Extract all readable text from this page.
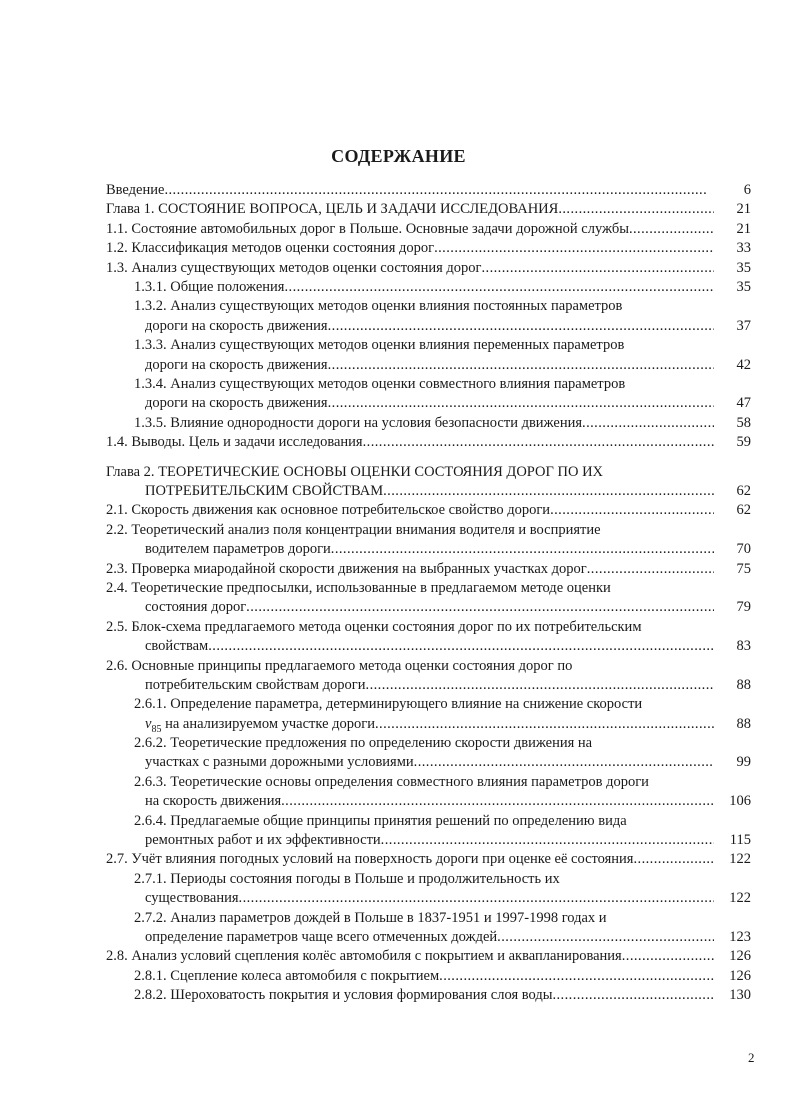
СОДЕРЖАНИЕ
Введение . . .	6
Глава 1. СОСТОЯНИЕ ВОПРОСА, ЦЕЛЬ И ЗАДАЧИ ИССЛЕДОВАНИЯ . . .	21
1.1. Состояние автомобильных дорог в Польше. Основные задачи дорожной службы . . .	21
1.2. Классификация методов оценки состояния дорог . . .	33
1.3. Анализ существующих методов оценки состояния дорог . . .	35
1.3.1. Общие положения . . .	35
1.3.2. Анализ существующих методов оценки влияния постоянных параметров
дороги на скорость движения . . .	37
1.3.3. Анализ существующих методов оценки влияния переменных параметров
дороги на скорость движения . . .	42
1.3.4. Анализ существующих методов оценки совместного влияния параметров
дороги на скорость движения . . .	47
1.3.5. Влияние однородности дороги на условия безопасности движения . . .	58
1.4. Выводы. Цель и задачи исследования . . .	59
Глава 2. ТЕОРЕТИЧЕСКИЕ ОСНОВЫ ОЦЕНКИ СОСТОЯНИЯ ДОРОГ ПО ИХ
ПОТРЕБИТЕЛЬСКИМ СВОЙСТВАМ . . .	62
2.1. Скорость движения как основное потребительское свойство дороги . . .	62
2.2. Теоретический анализ поля концентрации внимания водителя и восприятие
водителем параметров дороги . . .	70
2.3. Проверка миародайной скорости движения на выбранных участках дорог . . .	75
2.4. Теоретические предпосылки, использованные в предлагаемом методе оценки
состояния дорог . . .	79
2.5. Блок-схема предлагаемого метода оценки состояния дорог по их потребительским
свойствам . . .	83
2.6. Основные принципы предлагаемого метода оценки состояния дорог по
потребительским свойствам дороги . . .	88
2.6.1. Определение параметра, детерминирующего влияние на снижение скорости
$v_{85}$ на анализируемом участке дороги . . .	88
2.6.2. Теоретические предложения по определению скорости движения на
участках с разными дорожными условиями . . .	99
2.6.3. Теоретические основы определения совместного влияния параметров дороги
на скорость движения . . .	106
2.6.4. Предлагаемые общие принципы принятия решений по определению вида
ремонтных работ и их эффективности . . .	115
2.7. Учёт влияния погодных условий на поверхность дороги при оценке её состояния . . .	122
2.7.1. Периоды состояния погоды в Польше и продолжительность их
существования . . .	122
2.7.2. Анализ параметров дождей в Польше в 1837-1951 и 1997-1998 годах и
определение параметров чаще всего отмеченных дождей . . .	123
2.8. Анализ условий сцепления колёс автомобиля с покрытием и аквапланирования . . .	126
2.8.1. Сцепление колеса автомобиля с покрытием . . .	126
2.8.2. Шероховатость покрытия и условия формирования слоя воды . . .	130
2
